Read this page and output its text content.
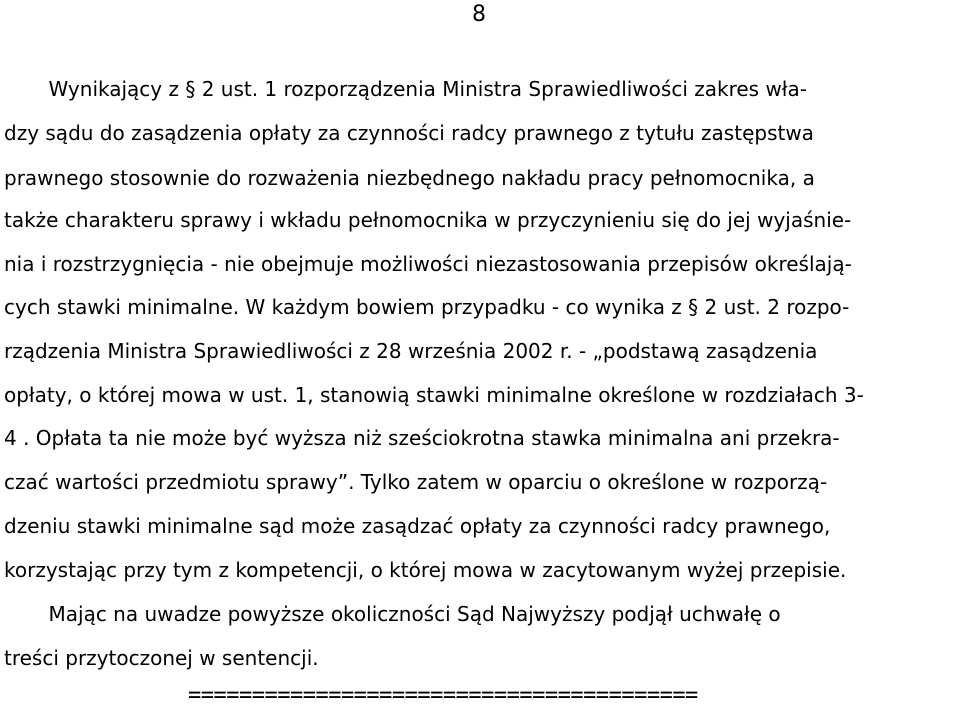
8
Wynikający z § 2 ust. 1 rozporządzenia Ministra Sprawiedliwości zakres wła-
dzy sądu do zasądzenia opłaty za czynności radcy prawnego z tytułu zastępstwa
prawnego stosownie do rozważenia niezbędnego nakładu pracy pełnomocnika, a
także charakteru sprawy i wkładu pełnomocnika w przyczynieniu się do jej wyjaśnie-
nia i rozstrzygnięcia - nie obejmuje możliwości niezastosowania przepisów określają-
cych stawki minimalne. W każdym bowiem przypadku - co wynika z § 2 ust. 2 rozpo-
rządzenia Ministra Sprawiedliwości z 28 września 2002 r. - „podstawą zasądzenia
opłaty, o której mowa w ust. 1, stanowią stawki minimalne określone w rozdziałach 3-
4 . Opłata ta nie może być wyższa niż sześciokrotna stawka minimalna ani przekra-
czać wartości przedmiotu sprawy”. Tylko zatem w oparciu o określone w rozporzą-
dzeniu stawki minimalne sąd może zasądzać opłaty za czynności radcy prawnego,
korzystając przy tym z kompetencji, o której mowa w zacytowanym wyżej przepisie.
Mając na uwadze powyższe okoliczności Sąd Najwyższy podjął uchwałę o
treści przytoczonej w sentencji.
========================================
